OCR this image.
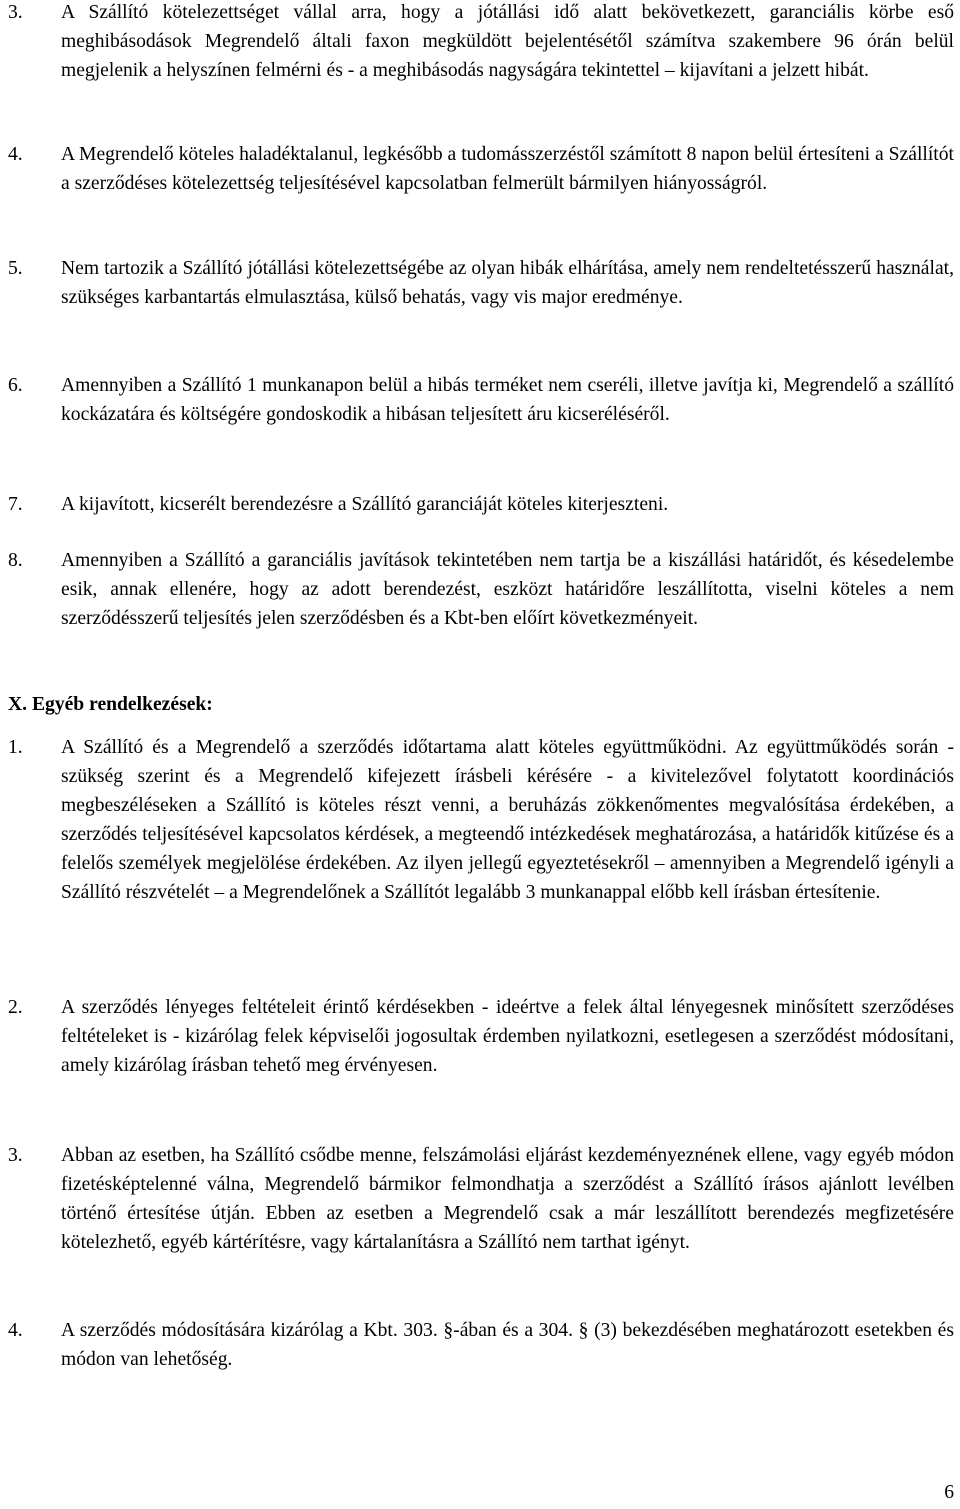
3. A Szállító kötelezettséget vállal arra, hogy a jótállási idő alatt bekövetkezett, garanciális körbe eső meghibásodások Megrendelő általi faxon megküldött bejelentésétől számítva szakembere 96 órán belül megjelenik a helyszínen felmérni és - a meghibásodás nagyságára tekintettel – kijavítani a jelzett hibát.
4. A Megrendelő köteles haladéktalanul, legkésőbb a tudomásszerzéstől számított 8 napon belül értesíteni a Szállítót a szerződéses kötelezettség teljesítésével kapcsolatban felmerült bármilyen hiányosságról.
5. Nem tartozik a Szállító jótállási kötelezettségébe az olyan hibák elhárítása, amely nem rendeltetésszerű használat, szükséges karbantartás elmulasztása, külső behatás, vagy vis major eredménye.
6. Amennyiben a Szállító 1 munkanapon belül a hibás terméket nem cseréli, illetve javítja ki, Megrendelő a szállító kockázatára és költségére gondoskodik a hibásan teljesített áru kicseréléséről.
7. A kijavított, kicserélt berendezésre a Szállító garanciáját köteles kiterjeszteni.
8. Amennyiben a Szállító a garanciális javítások tekintetében nem tartja be a kiszállási határidőt, és késedelembe esik, annak ellenére, hogy az adott berendezést, eszközt határidőre leszállította, viselni köteles a nem szerződésszerű teljesítés jelen szerződésben és a Kbt-ben előírt következményeit.
X. Egyéb rendelkezések:
1. A Szállító és a Megrendelő a szerződés időtartama alatt köteles együttműködni. Az együttműködés során - szükség szerint és a Megrendelő kifejezett írásbeli kérésére - a kivitelezővel folytatott koordinációs megbeszéléseken a Szállító is köteles részt venni, a beruházás zökkenőmentes megvalósítása érdekében, a szerződés teljesítésével kapcsolatos kérdések, a megteendő intézkedések meghatározása, a határidők kitűzése és a felelős személyek megjelölése érdekében. Az ilyen jellegű egyeztetésekről – amennyiben a Megrendelő igényli a Szállító részvételét – a Megrendelőnek a Szállítót legalább 3 munkanappal előbb kell írásban értesítenie.
2. A szerződés lényeges feltételeit érintő kérdésekben - ideértve a felek által lényegesnek minősített szerződéses feltételeket is - kizárólag felek képviselői jogosultak érdemben nyilatkozni, esetlegesen a szerződést módosítani, amely kizárólag írásban tehető meg érvényesen.
3. Abban az esetben, ha Szállító csődbe menne, felszámolási eljárást kezdeményeznének ellene, vagy egyéb módon fizetésképtelenné válna, Megrendelő bármikor felmondhatja a szerződést a Szállító írásos ajánlott levélben történő értesítése útján. Ebben az esetben a Megrendelő csak a már leszállított berendezés megfizetésére kötelezhető, egyéb kártérítésre, vagy kártalanításra a Szállító nem tarthat igényt.
4. A szerződés módosítására kizárólag a Kbt. 303. §-ában és a 304. § (3) bekezdésében meghatározott esetekben és módon van lehetőség.
6
